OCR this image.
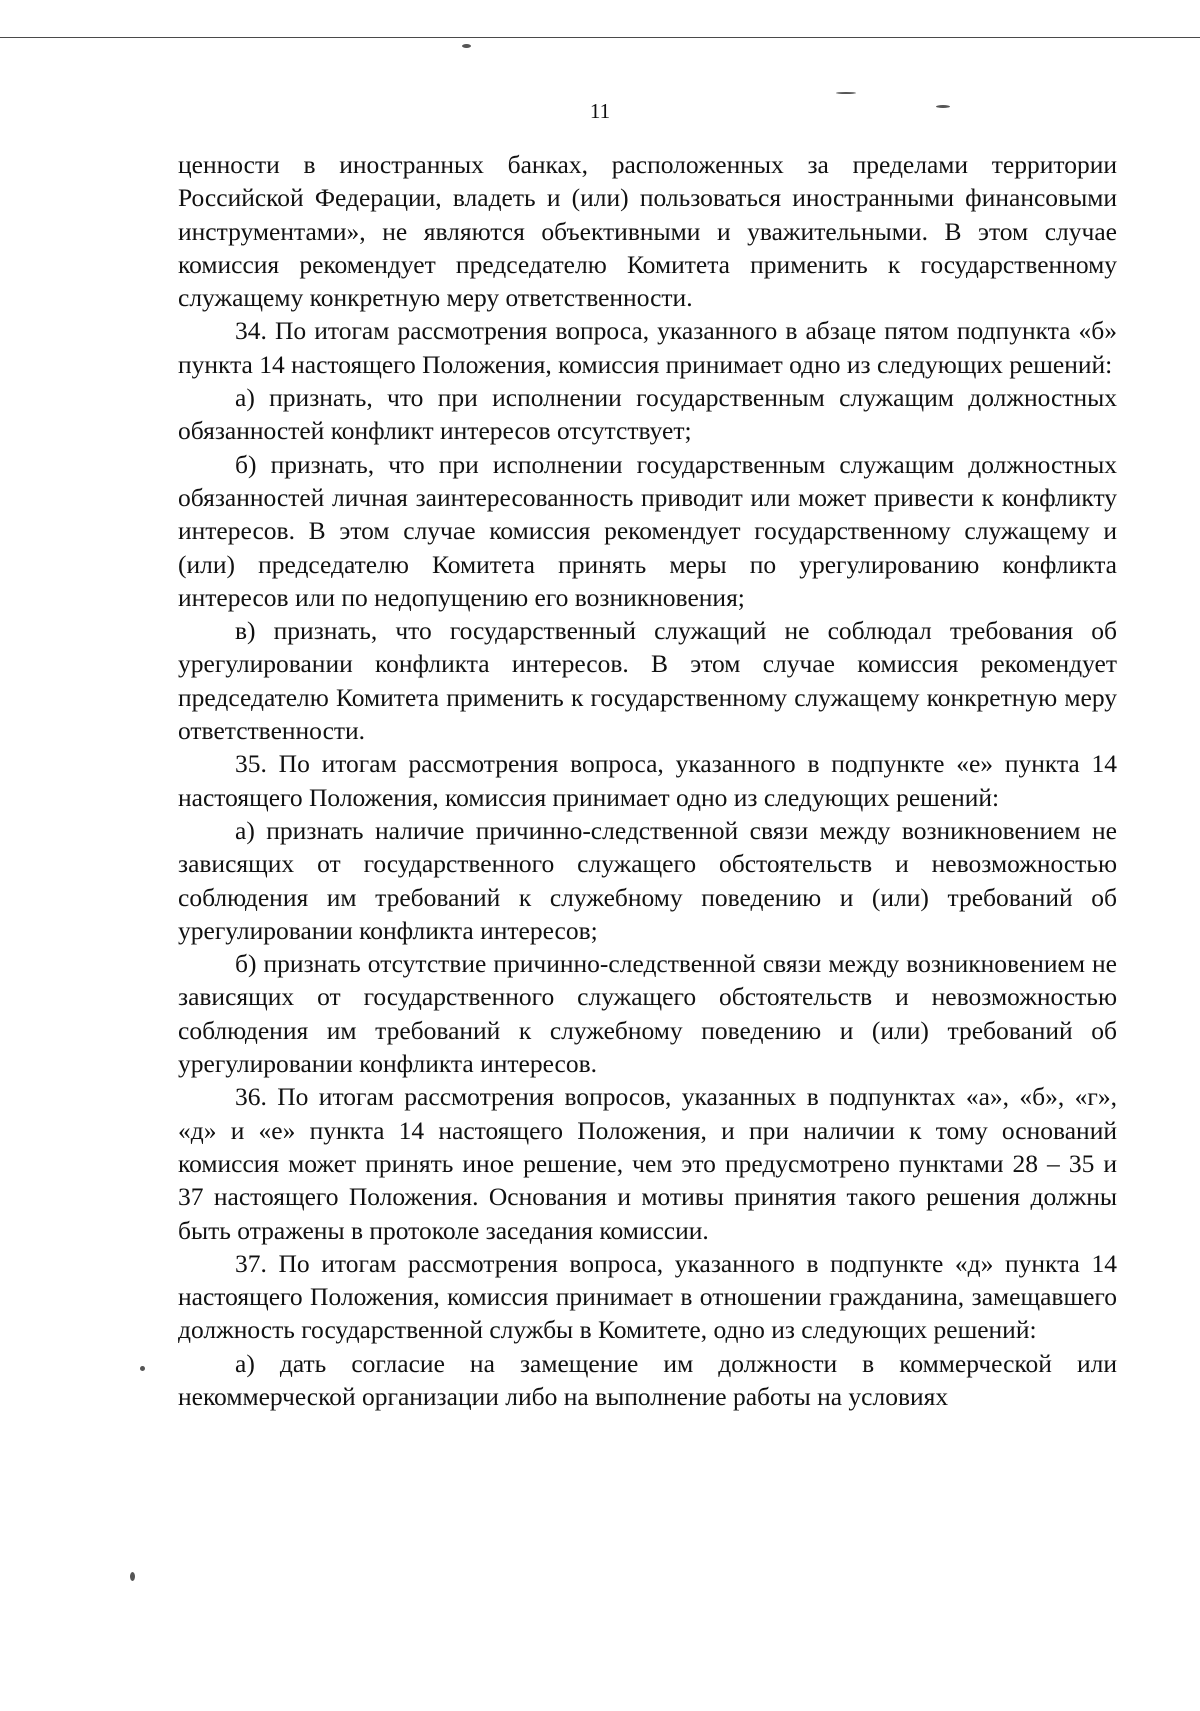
11

ценности в иностранных банках, расположенных за пределами территории Российской Федерации, владеть и (или) пользоваться иностранными финансовыми инструментами», не являются объективными и уважительными. В этом случае комиссия рекомендует председателю Комитета применить к государственному служащему конкретную меру ответственности.

34. По итогам рассмотрения вопроса, указанного в абзаце пятом подпункта «б» пункта 14 настоящего Положения, комиссия принимает одно из следующих решений:

а) признать, что при исполнении государственным служащим должностных обязанностей конфликт интересов отсутствует;

б) признать, что при исполнении государственным служащим должностных обязанностей личная заинтересованность приводит или может привести к конфликту интересов. В этом случае комиссия рекомендует государственному служащему и (или) председателю Комитета принять меры по урегулированию конфликта интересов или по недопущению его возникновения;

в) признать, что государственный служащий не соблюдал требования об урегулировании конфликта интересов. В этом случае комиссия рекомендует председателю Комитета применить к государственному служащему конкретную меру ответственности.

35. По итогам рассмотрения вопроса, указанного в подпункте «е» пункта 14 настоящего Положения, комиссия принимает одно из следующих решений:

а) признать наличие причинно-следственной связи между возникновением не зависящих от государственного служащего обстоятельств и невозможностью соблюдения им требований к служебному поведению и (или) требований об урегулировании конфликта интересов;

б) признать отсутствие причинно-следственной связи между возникновением не зависящих от государственного служащего обстоятельств и невозможностью соблюдения им требований к служебному поведению и (или) требований об урегулировании конфликта интересов.

36. По итогам рассмотрения вопросов, указанных в подпунктах «а», «б», «г», «д» и «е» пункта 14 настоящего Положения, и при наличии к тому оснований комиссия может принять иное решение, чем это предусмотрено пунктами 28 – 35 и 37 настоящего Положения. Основания и мотивы принятия такого решения должны быть отражены в протоколе заседания комиссии.

37. По итогам рассмотрения вопроса, указанного в подпункте «д» пункта 14 настоящего Положения, комиссия принимает в отношении гражданина, замещавшего должность государственной службы в Комитете, одно из следующих решений:

а) дать согласие на замещение им должности в коммерческой или некоммерческой организации либо на выполнение работы на условиях
